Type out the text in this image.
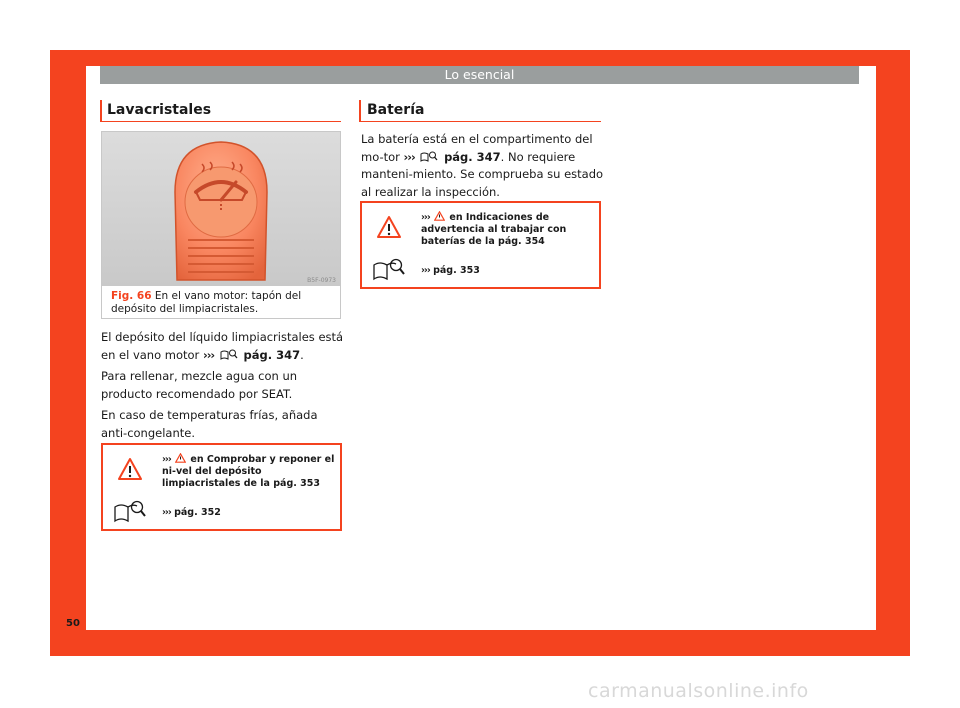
Lo esencial
Lavacristales
B5F-0973
Fig. 66 En el vano motor: tapón del depósito del limpiacristales.

El depósito del líquido limpiacristales está en el vano motor ›››	pág. 347.

Para rellenar, mezcle agua con un producto recomendado por SEAT.

En caso de temperaturas frías, añada anti-congelante.

››› en Comprobar y reponer el ni-vel del depósito limpiacristales de la pág. 353
››› pág. 352
Batería

La batería está en el compartimento del mo-tor ›››	pág. 347. No requiere manteni-miento. Se comprueba su estado al realizar la inspección.

››› en Indicaciones de advertencia al trabajar con baterías de la pág. 354
››› pág. 353
50
carmanualsonline.info
